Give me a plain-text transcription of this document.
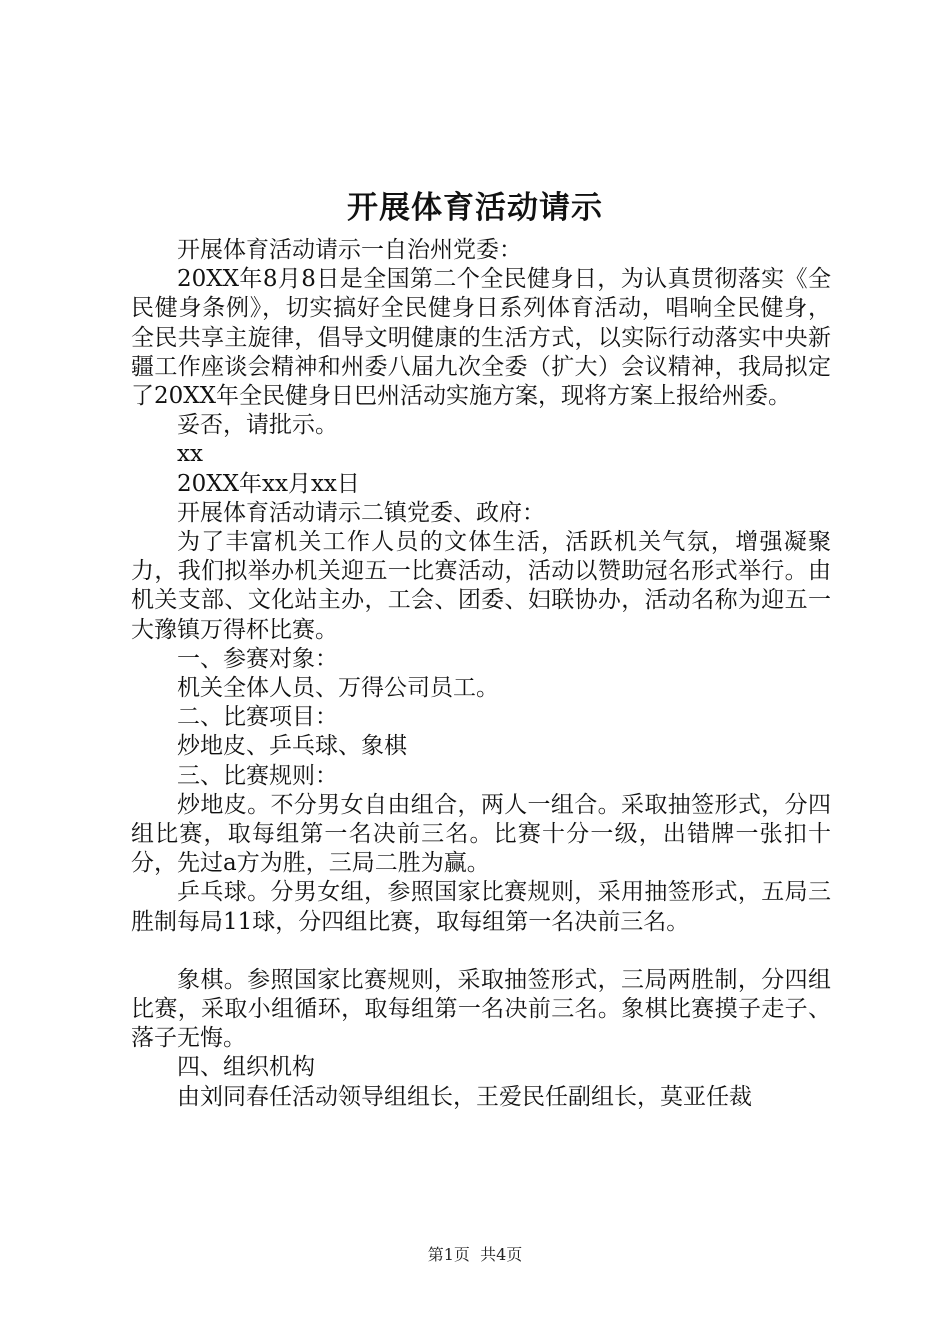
开展体育活动请示

开展体育活动请示一自治州党委：

20XX年8月8日是全国第二个全民健身日，为认真贯彻落实《全民健身条例》，切实搞好全民健身日系列体育活动，唱响全民健身，全民共享主旋律，倡导文明健康的生活方式，以实际行动落实中央新疆工作座谈会精神和州委八届九次全委（扩大）会议精神，我局拟定了20XX年全民健身日巴州活动实施方案，现将方案上报给州委。

妥否，请批示。

xx

20XX年xx月xx日

开展体育活动请示二镇党委、政府：

为了丰富机关工作人员的文体生活，活跃机关气氛，增强凝聚力，我们拟举办机关迎五一比赛活动，活动以赞助冠名形式举行。由机关支部、文化站主办，工会、团委、妇联协办，活动名称为迎五一大豫镇万得杯比赛。

一、参赛对象：

机关全体人员、万得公司员工。

二、比赛项目：

炒地皮、乒乓球、象棋

三、比赛规则：

炒地皮。不分男女自由组合，两人一组合。采取抽签形式，分四组比赛，取每组第一名决前三名。比赛十分一级，出错牌一张扣十分，先过a方为胜，三局二胜为赢。

乒乓球。分男女组，参照国家比赛规则，采用抽签形式，五局三胜制每局11球，分四组比赛，取每组第一名决前三名。

象棋。参照国家比赛规则，采取抽签形式，三局两胜制，分四组比赛，采取小组循环，取每组第一名决前三名。象棋比赛摸子走子、落子无悔。

四、组织机构

由刘同春任活动领导组组长，王爱民任副组长，莫亚任裁

第1页 共4页
